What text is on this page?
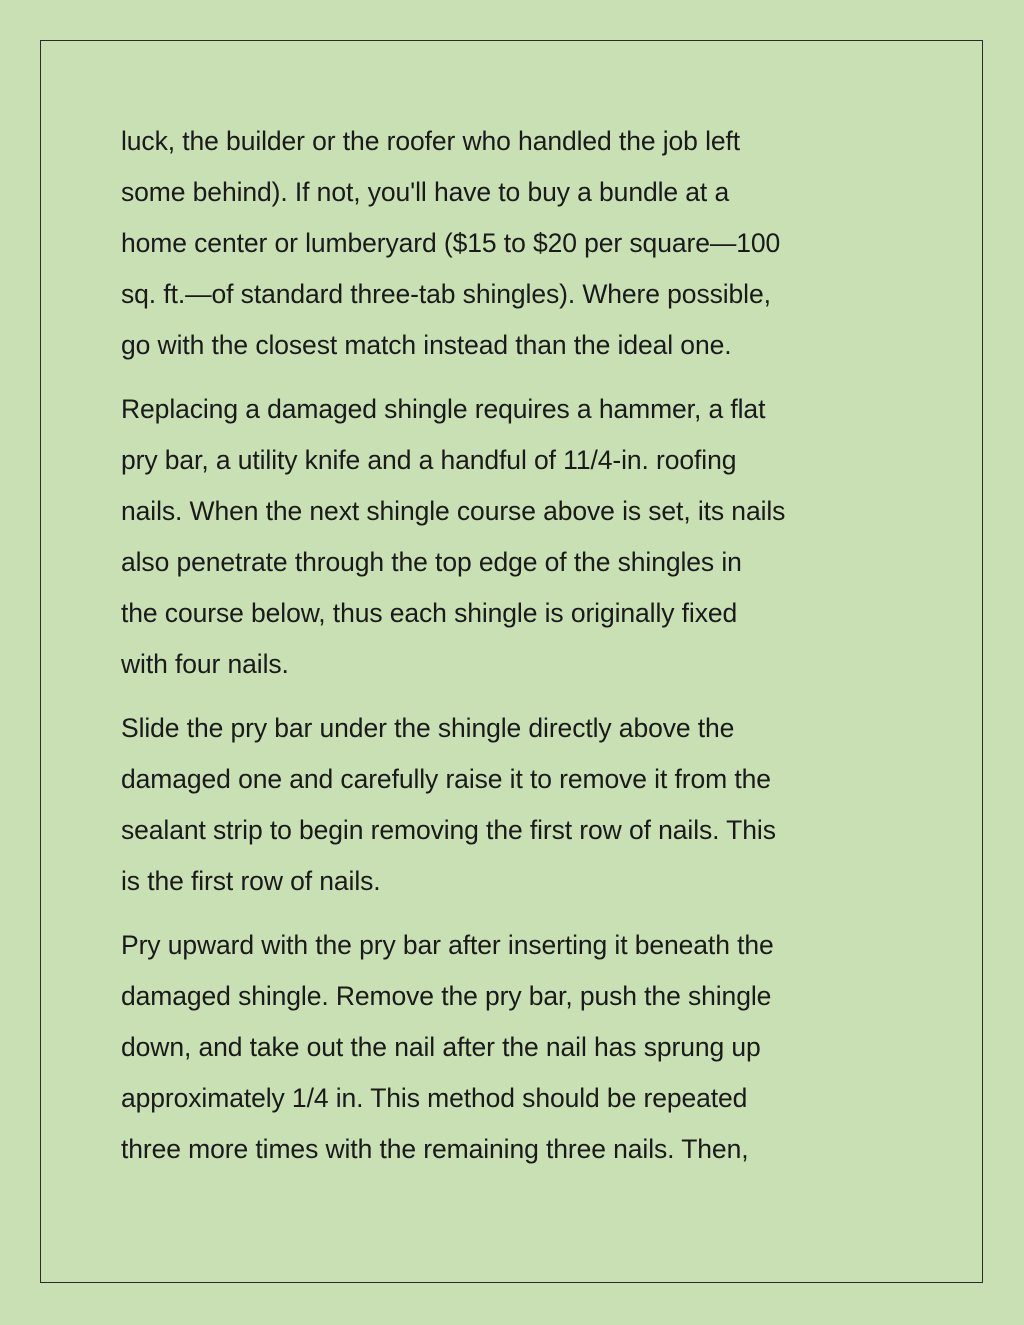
luck, the builder or the roofer who handled the job left
some behind). If not, you'll have to buy a bundle at a
home center or lumberyard ($15 to $20 per square—100
sq. ft.—of standard three-tab shingles). Where possible,
go with the closest match instead than the ideal one.

Replacing a damaged shingle requires a hammer, a flat
pry bar, a utility knife and a handful of 11/4-in. roofing
nails. When the next shingle course above is set, its nails
also penetrate through the top edge of the shingles in
the course below, thus each shingle is originally fixed
with four nails.

Slide the pry bar under the shingle directly above the
damaged one and carefully raise it to remove it from the
sealant strip to begin removing the first row of nails. This
is the first row of nails.

Pry upward with the pry bar after inserting it beneath the
damaged shingle. Remove the pry bar, push the shingle
down, and take out the nail after the nail has sprung up
approximately 1/4 in. This method should be repeated
three more times with the remaining three nails. Then,
